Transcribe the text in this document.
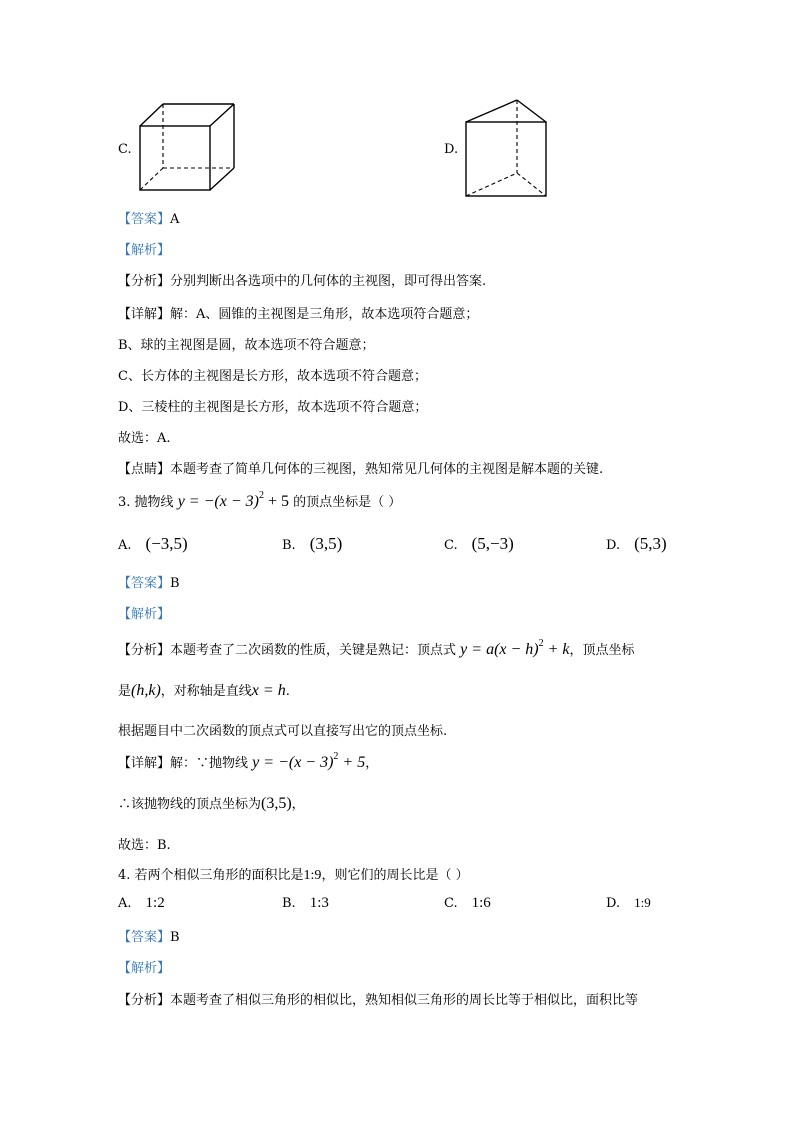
C.	D.
【答案】A
【解析】
【分析】分别判断出各选项中的几何体的主视图，即可得出答案.
【详解】解：A、圆锥的主视图是三角形，故本选项符合题意；
B、球的主视图是圆，故本选项不符合题意；
C、长方体的主视图是长方形，故本选项不符合题意；
D、三棱柱的主视图是长方形，故本选项不符合题意；
故选：A.
【点睛】本题考查了简单几何体的三视图，熟知常见几何体的主视图是解本题的关键.
3. 抛物线 $y = -(x - 3)^2 + 5$ 的顶点坐标是（ ）
A. (−3,5)	B. (3,5)	C. (5,−3)	D. (5,3)
【答案】B
【解析】
【分析】本题考查了二次函数的性质，关键是熟记：顶点式 $y = a(x - h)^2 + k$，顶点坐标
是(h,k)，对称轴是直线x = h.
根据题目中二次函数的顶点式可以直接写出它的顶点坐标.
【详解】解：∵抛物线 $y = -(x - 3)^2 + 5$，
∴该抛物线的顶点坐标为(3,5)，
故选：B.
4. 若两个相似三角形的面积比是1:9，则它们的周长比是（ ）
A. 1:2	B. 1:3	C. 1:6	D. 1:9
【答案】B
【解析】
【分析】本题考查了相似三角形的相似比，熟知相似三角形的周长比等于相似比，面积比等
